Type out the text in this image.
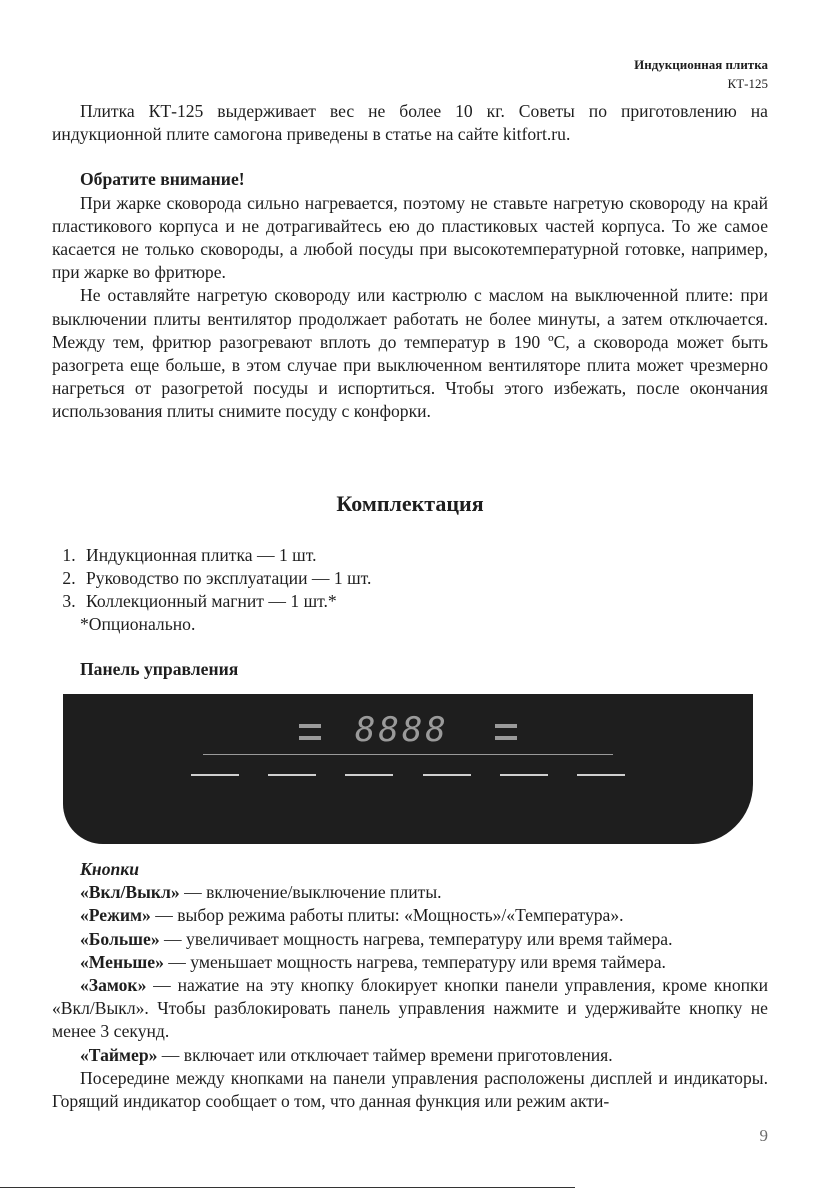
Индукционная плитка
КТ-125

Плитка КТ-125 выдерживает вес не более 10 кг. Советы по приготовлению на индукционной плите самогона приведены в статье на сайте kitfort.ru.

Обратите внимание!

При жарке сковорода сильно нагревается, поэтому не ставьте нагретую сковороду на край пластикового корпуса и не дотрагивайтесь ею до пластиковых частей корпуса. То же самое касается не только сковороды, а любой посуды при высокотемпературной готовке, например, при жарке во фритюре.

Не оставляйте нагретую сковороду или кастрюлю с маслом на выключенной плите: при выключении плиты вентилятор продолжает работать не более минуты, а затем отключается. Между тем, фритюр разогревают вплоть до температур в 190 ºС, а сковорода может быть разогрета еще больше, в этом случае при выключенном вентиляторе плита может чрезмерно нагреться от разогретой посуды и испортиться. Чтобы этого избежать, после окончания использования плиты снимите посуду с конфорки.

Комплектация
1. Индукционная плитка — 1 шт.
2. Руководство по эксплуатации — 1 шт.
3. Коллекционный магнит — 1 шт.*
*Опционально.
Панель управления
8888
Кнопки

«Вкл/Выкл» — включение/выключение плиты.

«Режим» — выбор режима работы плиты: «Мощность»/«Температура».

«Больше» — увеличивает мощность нагрева, температуру или время таймера.

«Меньше» — уменьшает мощность нагрева, температуру или время таймера.

«Замок» — нажатие на эту кнопку блокирует кнопки панели управления, кроме кнопки «Вкл/Выкл». Чтобы разблокировать панель управления нажмите и удерживайте кнопку не менее 3 секунд.

«Таймер» — включает или отключает таймер времени приготовления.

Посередине между кнопками на панели управления расположены дисплей и индикаторы. Горящий индикатор сообщает о том, что данная функция или режим акти-

9
